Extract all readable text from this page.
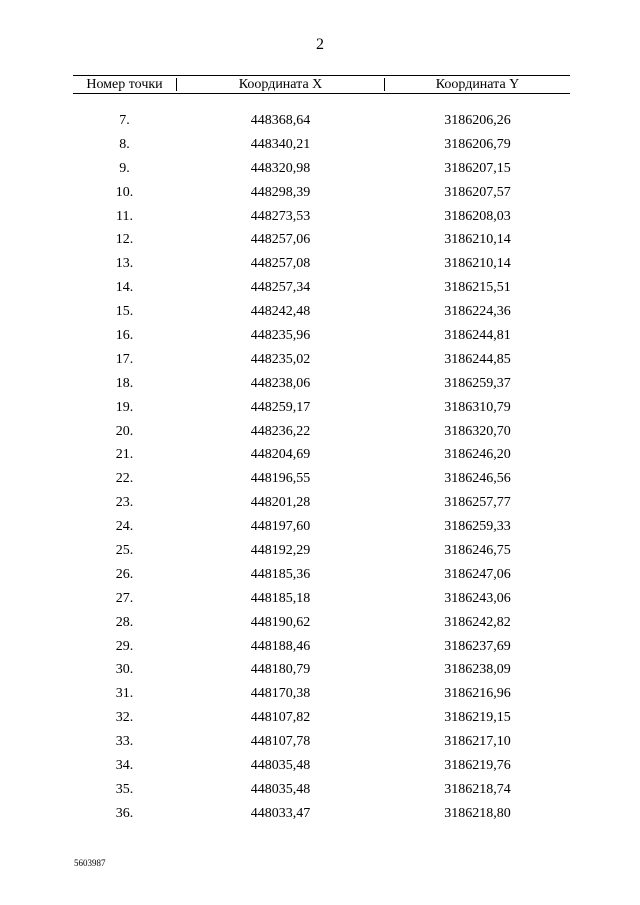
2
Номер точки	Координата X	Координата Y
7.	448368,64	3186206,26
8.	448340,21	3186206,79
9.	448320,98	3186207,15
10.	448298,39	3186207,57
11.	448273,53	3186208,03
12.	448257,06	3186210,14
13.	448257,08	3186210,14
14.	448257,34	3186215,51
15.	448242,48	3186224,36
16.	448235,96	3186244,81
17.	448235,02	3186244,85
18.	448238,06	3186259,37
19.	448259,17	3186310,79
20.	448236,22	3186320,70
21.	448204,69	3186246,20
22.	448196,55	3186246,56
23.	448201,28	3186257,77
24.	448197,60	3186259,33
25.	448192,29	3186246,75
26.	448185,36	3186247,06
27.	448185,18	3186243,06
28.	448190,62	3186242,82
29.	448188,46	3186237,69
30.	448180,79	3186238,09
31.	448170,38	3186216,96
32.	448107,82	3186219,15
33.	448107,78	3186217,10
34.	448035,48	3186219,76
35.	448035,48	3186218,74
36.	448033,47	3186218,80
5603987
